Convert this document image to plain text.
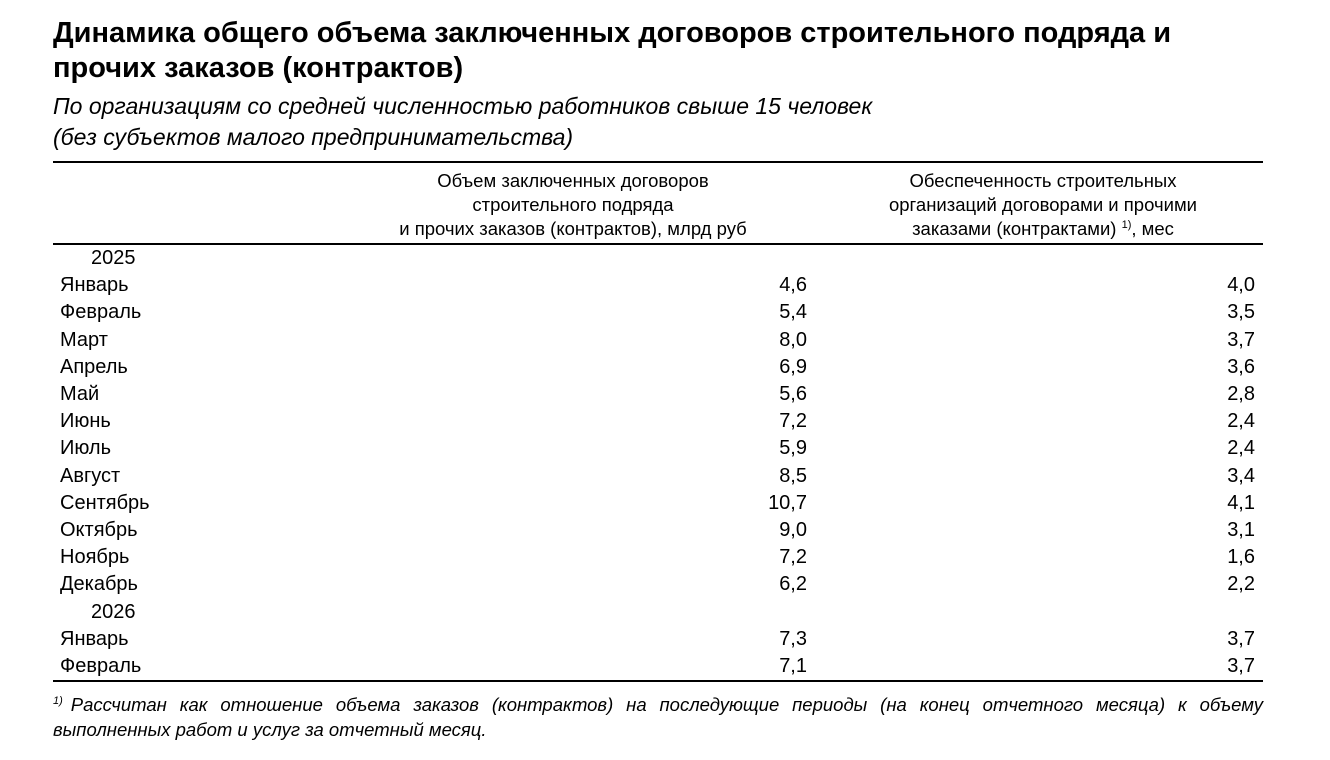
Динамика общего объема заключенных договоров строительного подряда и прочих заказов (контрактов)
По организациям со средней численностью работников свыше 15 человек
(без субъектов малого предпринимательства)
Объем заключенных договоров
строительного подряда
и прочих заказов (контрактов), млрд руб
Обеспеченность строительных
организаций договорами и прочими
заказами (контрактами) $^{1)}$, мес
2025		
Январь	4,6	4,0
Февраль	5,4	3,5
Март	8,0	3,7
Апрель	6,9	3,6
Май	5,6	2,8
Июнь	7,2	2,4
Июль	5,9	2,4
Август	8,5	3,4
Сентябрь	10,7	4,1
Октябрь	9,0	3,1
Ноябрь	7,2	1,6
Декабрь	6,2	2,2
2026		
Январь	7,3	3,7
Февраль	7,1	3,7
$^{1)}$ Рассчитан как отношение объема заказов (контрактов) на последующие периоды (на конец отчетного месяца) к объему выполненных работ и услуг за отчетный месяц.
